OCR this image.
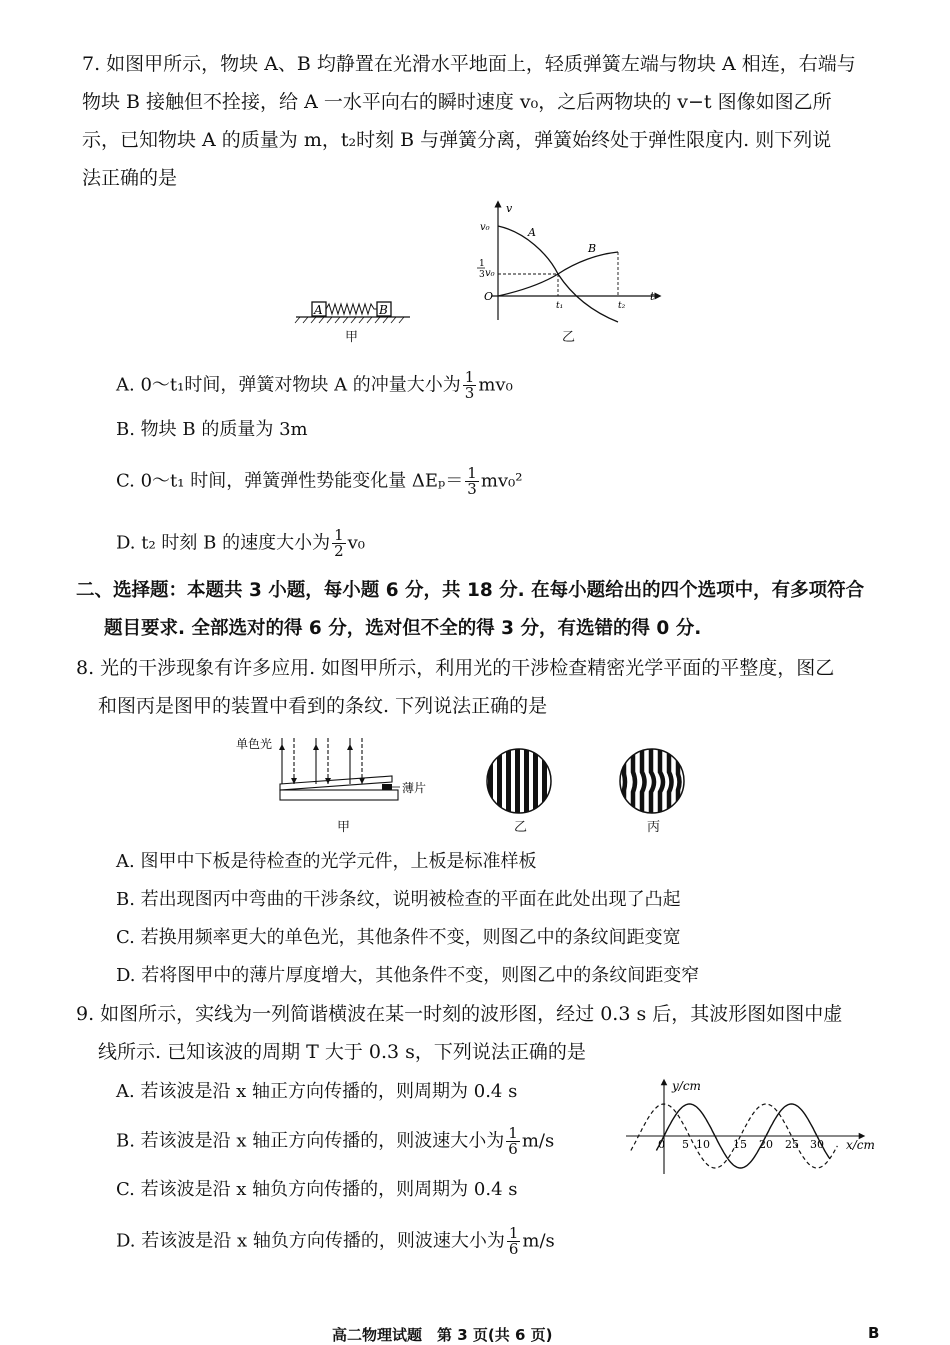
7. 如图甲所示，物块 A、B 均静置在光滑水平地面上，轻质弹簧左端与物块 A 相连，右端与
物块 B 接触但不拴接，给 A 一水平向右的瞬时速度 v₀，之后两物块的 v−t 图像如图乙所
示，已知物块 A 的质量为 m，t₂时刻 B 与弹簧分离，弹簧始终处于弹性限度内. 则下列说
法正确的是
A	B
甲
v
t
O
v₀
1
3 v₀
A
B
t₁	t₂
乙
A. 0～t₁时间，弹簧对物块 A 的冲量大小为 $\frac{1}{3} mv_0$
B. 物块 B 的质量为 3m
C. 0～t₁ 时间，弹簧弹性势能变化量 $\Delta E_p= \frac{1}{3} mv_0^2$
D. t₂ 时刻 B 的速度大小为 $\frac{1}{2} v_0$
二、选择题：本题共 3 小题，每小题 6 分，共 18 分. 在每小题给出的四个选项中，有多项符合
题目要求. 全部选对的得 6 分，选对但不全的得 3 分，有选错的得 0 分.
8. 光的干涉现象有许多应用. 如图甲所示，利用光的干涉检查精密光学平面的平整度，图乙
和图丙是图甲的装置中看到的条纹. 下列说法正确的是
单色光
薄片
甲	乙	丙
A. 图甲中下板是待检查的光学元件，上板是标准样板
B. 若出现图丙中弯曲的干涉条纹，说明被检查的平面在此处出现了凸起
C. 若换用频率更大的单色光，其他条件不变，则图乙中的条纹间距变宽
D. 若将图甲中的薄片厚度增大，其他条件不变，则图乙中的条纹间距变窄
9. 如图所示，实线为一列简谐横波在某一时刻的波形图，经过 0.3 s 后，其波形图如图中虚
线所示. 已知该波的周期 T 大于 0.3 s，下列说法正确的是
A. 若该波是沿 x 轴正方向传播的，则周期为 0.4 s
B. 若该波是沿 x 轴正方向传播的，则波速大小为 $\frac{1}{6} m/s$
C. 若该波是沿 x 轴负方向传播的，则周期为 0.4 s
D. 若该波是沿 x 轴负方向传播的，则波速大小为 $\frac{1}{6} m/s$
y/cm
x/cm
0 5 10 15 20 25 30
高二物理试题　第 3 页(共 6 页)	B
